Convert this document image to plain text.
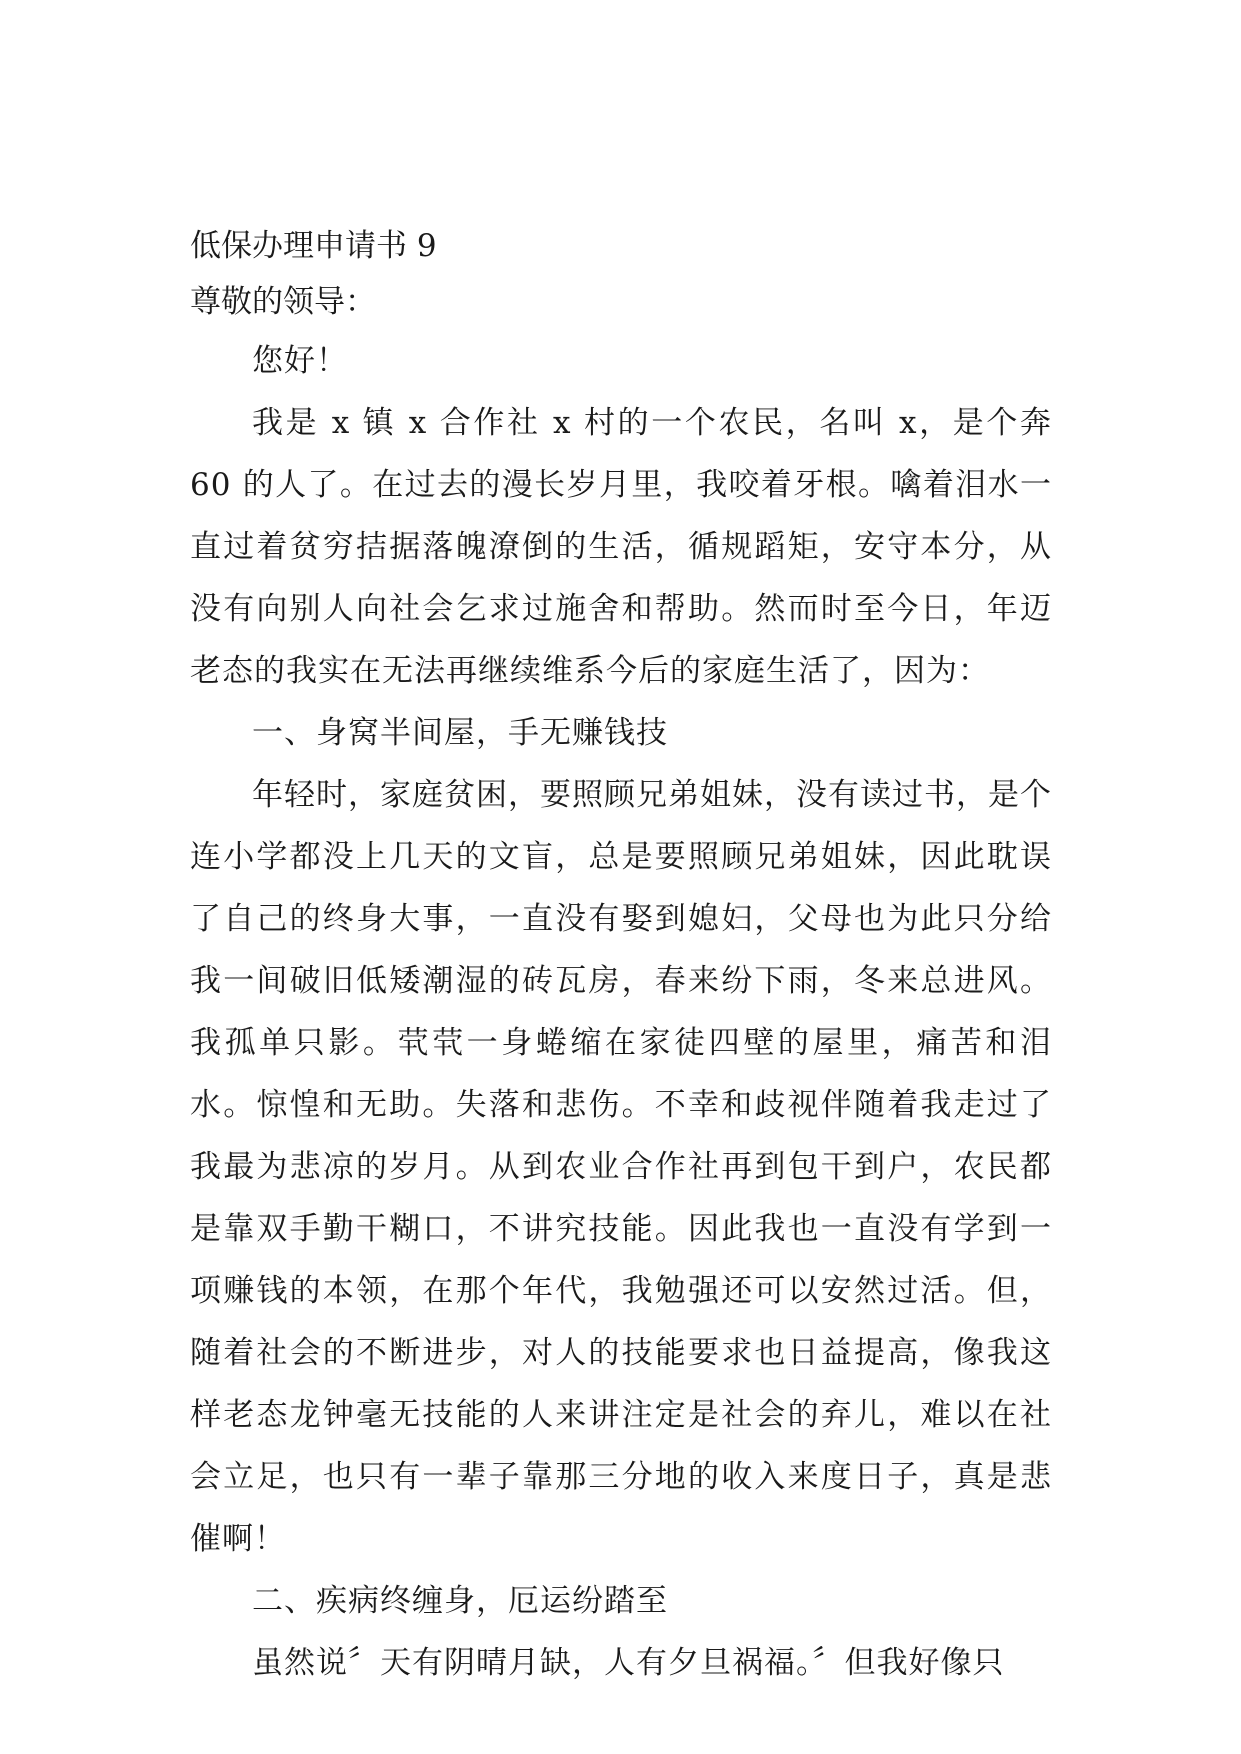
低保办理申请书 9
尊敬的领导：

您好！

我是 x 镇 x 合作社 x 村的一个农民，名叫 x，是个奔 60 的人了。在过去的漫长岁月里，我咬着牙根。噙着泪水一直过着贫穷拮据落魄潦倒的生活，循规蹈矩，安守本分，从没有向别人向社会乞求过施舍和帮助。然而时至今日，年迈老态的我实在无法再继续维系今后的家庭生活了，因为：

一、身窝半间屋，手无赚钱技

年轻时，家庭贫困，要照顾兄弟姐妹，没有读过书，是个连小学都没上几天的文盲，总是要照顾兄弟姐妹，因此耽误了自己的终身大事，一直没有娶到媳妇，父母也为此只分给我一间破旧低矮潮湿的砖瓦房，春来纷下雨，冬来总进风。我孤单只影。茕茕一身蜷缩在家徒四壁的屋里，痛苦和泪水。惊惶和无助。失落和悲伤。不幸和歧视伴随着我走过了我最为悲凉的岁月。从到农业合作社再到包干到户，农民都是靠双手勤干糊口，不讲究技能。因此我也一直没有学到一项赚钱的本领，在那个年代，我勉强还可以安然过活。但，随着社会的不断进步，对人的技能要求也日益提高，像我这样老态龙钟毫无技能的人来讲注定是社会的弃儿，难以在社会立足，也只有一辈子靠那三分地的收入来度日子，真是悲催啊！

二、疾病终缠身，厄运纷踏至

虽然说〞天有阴晴月缺，人有夕旦祸福。〞但我好像只
